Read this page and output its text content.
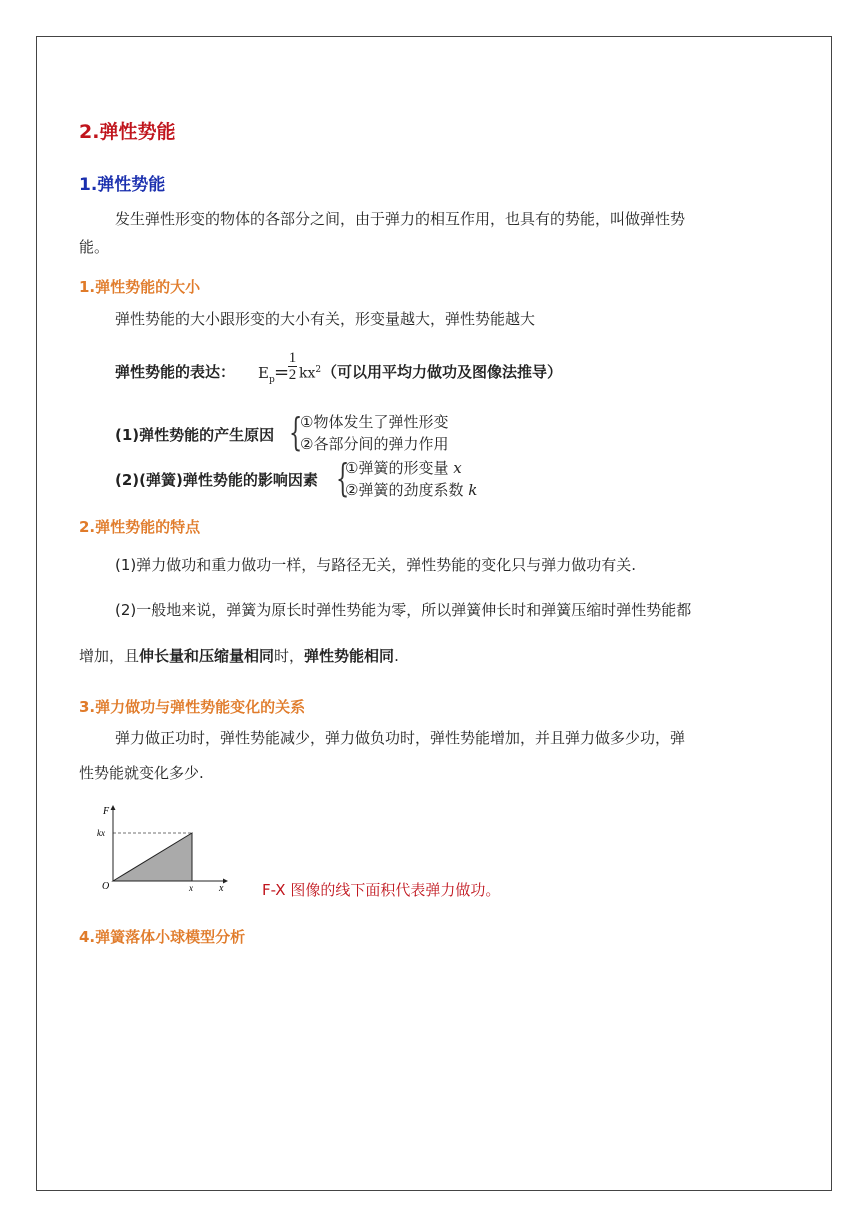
2.弹性势能
1.弹性势能
发生弹性形变的物体的各部分之间，由于弹力的相互作用，也具有的势能，叫做弹性势
能。
1.弹性势能的大小
弹性势能的大小跟形变的大小有关，形变量越大，弹性势能越大
弹性势能的表达： $E_p$ =
1
2 $kx^2$ （可以用平均力做功及图像法推导）
(1)弹性势能的产生原因 {
①物体发生了弹性形变
②各部分间的弹力作用
(2)(弹簧)弹性势能的影响因素 {
①弹簧的形变量 x
②弹簧的劲度系数 k
2.弹性势能的特点
(1)弹力做功和重力做功一样，与路径无关，弹性势能的变化只与弹力做功有关.
(2)一般地来说，弹簧为原长时弹性势能为零，所以弹簧伸长时和弹簧压缩时弹性势能都
增加，且伸长量和压缩量相同时，弹性势能相同.
3.弹力做功与弹性势能变化的关系
弹力做正功时，弹性势能减少，弹力做负功时，弹性势能增加，并且弹力做多少功，弹
性势能就变化多少.
F
kx
O	x	x	F-X 图像的线下面积代表弹力做功。
4.弹簧落体小球模型分析
